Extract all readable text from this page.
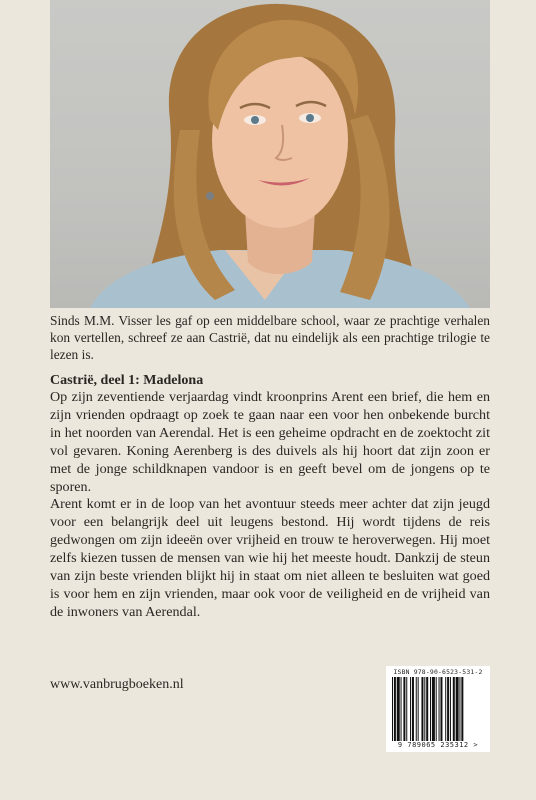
Sinds M.M. Visser les gaf op een middelbare school, waar ze prachtige verhalen kon vertellen, schreef ze aan Castrië, dat nu eindelijk als een prachtige trilogie te lezen is.

Castrië, deel 1: Madelona

Op zijn zeventiende verjaardag vindt kroonprins Arent een brief, die hem en zijn vrienden opdraagt op zoek te gaan naar een voor hen onbekende burcht in het noorden van Aerendal. Het is een geheime opdracht en de zoektocht zit vol gevaren. Koning Aerenberg is des duivels als hij hoort dat zijn zoon er met de jonge schildknapen vandoor is en geeft bevel om de jongens op te sporen.

Arent komt er in de loop van het avontuur steeds meer achter dat zijn jeugd voor een belangrijk deel uit leugens bestond. Hij wordt tijdens de reis gedwongen om zijn ideeën over vrijheid en trouw te heroverwegen. Hij moet zelfs kiezen tussen de mensen van wie hij het meeste houdt. Dankzij de steun van zijn beste vrienden blijkt hij in staat om niet alleen te besluiten wat goed is voor hem en zijn vrienden, maar ook voor de veiligheid en de vrijheid van de inwoners van Aerendal.

www.vanbrugboeken.nl
ISBN 978-90-6523-531-2
9 789065 235312 >
